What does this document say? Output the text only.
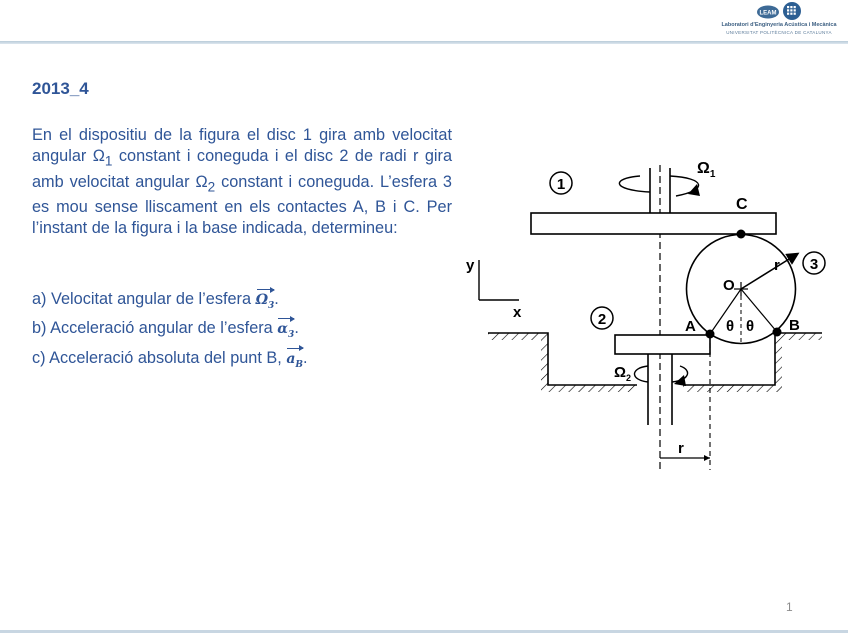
LEAM
Laboratori d'Enginyeria Acústica i Mecànica
UNIVERSITAT POLITÈCNICA DE CATALUNYA
2013_4
En el dispositiu de la figura el disc 1 gira amb velocitat angular $\Omega_1$ constant i coneguda i el disc 2 de radi r gira amb velocitat angular $\Omega_2$ constant i coneguda. L’esfera 3 es mou sense lliscament en els contactes A, B i C. Per l’instant de la figura i la base indicada, determineu:
a) Velocitat angular de l’esfera $\Omega_3$.
b) Acceleració angular de l’esfera $\alpha_3$.
c) Acceleració absoluta del punt B, $a_B$.
1
2
3
$\Omega_1$
$\Omega_2$
C
A	B
O
r
r
θ θ
y
x
1
